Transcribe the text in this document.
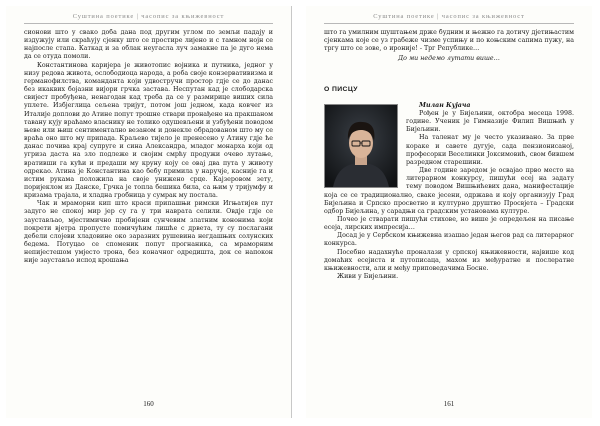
Суштина поетике | часопис за књижевност

сионови што у свако доба дана под другим углом по земљи падају и издужују или скраћују сјенку што се простире лијено и с тамном нојн се најпосле стапа. Каткад и за облак неугасла луч замакне па је дуго нема да се отуда помоли.

Константинова каријера је животопис војника и путника, једног у низу редова живота, ослободиоца народа, а роба своје конзервативизма и германофилства, команданта који удвостручи простор гдје се до данас без икаквих бојазни вијори грчка застава. Неспутан кад је слободарска свијест пробуђена, ненагодан кад треба да се у размирице виших сила уплете. Избјеглица сељена тријут, потом још једном, када ковчег из Италије доплови до Атине попут трошне ствари пронађене на пракшаном тавану кују враћамо власнику не толико одушевљени и узбуђени поводом њеве или њиш сентиментално везаном и донекле обрадованом што му се враћа оно што му припада. Краљево тијело је пренесено у Атину гдје ће данас почива крај супруге и сина Александра, младог монарха који од угриза даста на зло подлеже и својим смрћу продужи очево лутање, вративши га кући и предаши му круну коју се овај два пута у животу одрекао. Атина је Константина као бебу примила у наручје, касније га и истим рукама положила на своје униженo срце. Кајзеровом зету, поријеклом из Данске, Грчка је топла бешика била, са њим у тријумфу и кризама трајала, и хладна гробница у сумрак му постала.

Чак и мраморни кип што краси припашњи римски Игњатијев пут задуго не спокој мир јер су га у три наврата селили. Овдје гдје се заустављао, мјестимично пробијени сунчевим златним кононима који покрети вјетра пропусте помичућим лишће с дрвета, ту су послагани дебели слојеви хладовине око заразних рушевина негдашњих солунских бедема. Потуцао се споменик попут прогнаника, са мраморним непијестешом умјесто трона, без коначног одредишта, док се напокон није заустављо испод крошања

160
Суштина поетике | часопис за књижевност

што га умилним шуштањем држе будним и њежно га дотичу дјетињастим сјенкама које се уз грабеже чизме успињу и по коњским сапима пужу, на тргу што се зове, о ироније! - Трг Републике…

До ми недемо лутати више…
О ПИСЦУ

Милан Кујача

Рођен је у Бијељини, октобра месеца 1998. године. Ученик је Гимназије Филип Вишњић у Бијељини.

На таленат му је често указивано. За прве кораке и савете дугује, сада пензионисаној, професорки Веселинки Јоксимовић, свом бившем разредном старешини.

Две године заредом је освајао прво место на литерарном конкурсу, пишући есеј на задату тему поводом Вишњићевих дана, манифестације која се сe традиционално, сваке јесени, одржава и коју организују Град Бијељина и Српско просветно и културно друштво Просвјета – Градски одбор Бијељина, у сарадњи са градским установама културе.

Почео је стварати пишући стихове, но више је опредељен на писање есеја, лирских импресија…

Досад је у Сербском књижевна изашао један његов рад са литерарног конкурса.

Посебно надахнуће проналази у српској књижевности, највише код домаћих есејиста и путописаца, махом из међуратне и послератне књижевности, али и међу приповедачима Босне.

Живи у Бијељини.

161
